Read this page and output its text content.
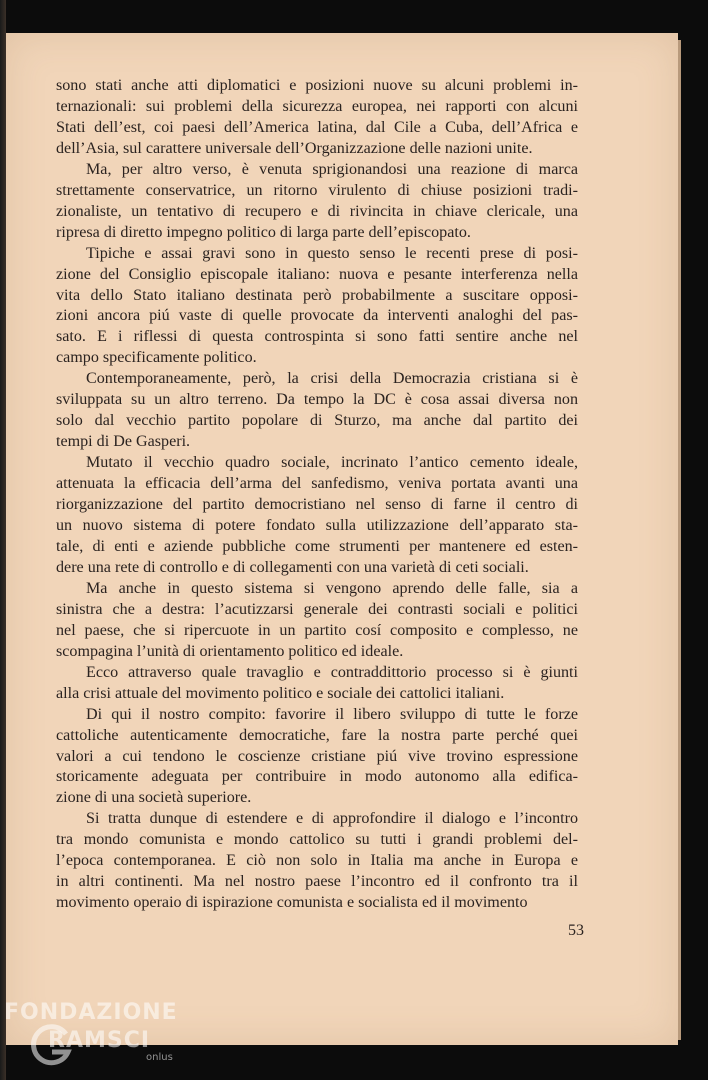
sono stati anche atti diplomatici e posizioni nuove su alcuni problemi in-

ternazionali: sui problemi della sicurezza europea, nei rapporti con alcuni

Stati dell’est, coi paesi dell’America latina, dal Cile a Cuba, dell’Africa e

dell’Asia, sul carattere universale dell’Organizzazione delle nazioni unite.

Ma, per altro verso, è venuta sprigionandosi una reazione di marca

strettamente conservatrice, un ritorno virulento di chiuse posizioni tradi-

zionaliste, un tentativo di recupero e di rivincita in chiave clericale, una

ripresa di diretto impegno politico di larga parte dell’episcopato.

Tipiche e assai gravi sono in questo senso le recenti prese di posi-

zione del Consiglio episcopale italiano: nuova e pesante interferenza nella

vita dello Stato italiano destinata però probabilmente a suscitare opposi-

zioni ancora piú vaste di quelle provocate da interventi analoghi del pas-

sato. E i riflessi di questa controspinta si sono fatti sentire anche nel

campo specificamente politico.

Contemporaneamente, però, la crisi della Democrazia cristiana si è

sviluppata su un altro terreno. Da tempo la DC è cosa assai diversa non

solo dal vecchio partito popolare di Sturzo, ma anche dal partito dei

tempi di De Gasperi.

Mutato il vecchio quadro sociale, incrinato l’antico cemento ideale,

attenuata la efficacia dell’arma del sanfedismo, veniva portata avanti una

riorganizzazione del partito democristiano nel senso di farne il centro di

un nuovo sistema di potere fondato sulla utilizzazione dell’apparato sta-

tale, di enti e aziende pubbliche come strumenti per mantenere ed esten-

dere una rete di controllo e di collegamenti con una varietà di ceti sociali.

Ma anche in questo sistema si vengono aprendo delle falle, sia a

sinistra che a destra: l’acutizzarsi generale dei contrasti sociali e politici

nel paese, che si ripercuote in un partito cosí composito e complesso, ne

scompagina l’unità di orientamento politico ed ideale.

Ecco attraverso quale travaglio e contraddittorio processo si è giunti

alla crisi attuale del movimento politico e sociale dei cattolici italiani.

Di qui il nostro compito: favorire il libero sviluppo di tutte le forze

cattoliche autenticamente democratiche, fare la nostra parte perché quei

valori a cui tendono le coscienze cristiane piú vive trovino espressione

storicamente adeguata per contribuire in modo autonomo alla edifica-

zione di una società superiore.

Si tratta dunque di estendere e di approfondire il dialogo e l’incontro

tra mondo comunista e mondo cattolico su tutti i grandi problemi del-

l’epoca contemporanea. E ciò non solo in Italia ma anche in Europa e

in altri continenti. Ma nel nostro paese l’incontro ed il confronto tra il

movimento operaio di ispirazione comunista e socialista ed il movimento

53
FONDAZIONE
RAMSCI
onlus
